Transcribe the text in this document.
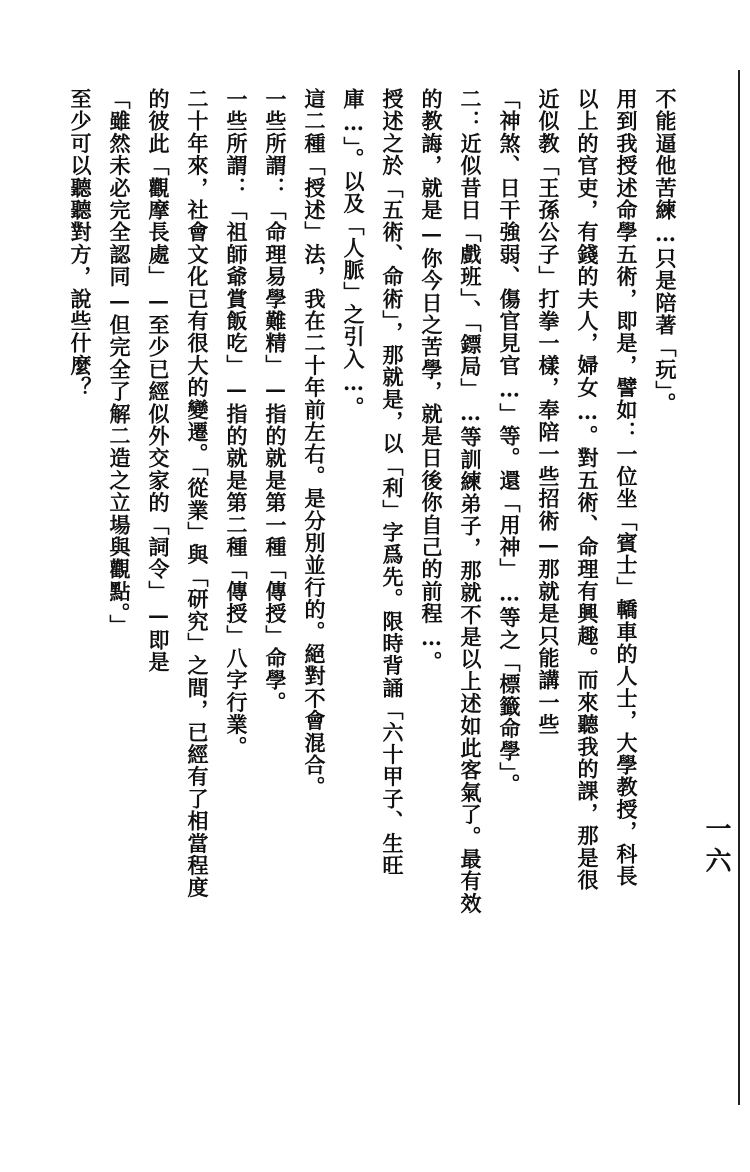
一六
不能逼他苦練…只是陪著「玩」。
用到我授述命學五術，即是，譬如：一位坐「賓士」轎車的人士，大學教授，科長
以上的官吏，有錢的夫人，婦女…。對五術、命理有興趣。而來聽我的課，那是很
近似教「王孫公子」打拳一樣，奉陪一些招術—那就是只能講一些
「神煞、日干強弱、傷官見官…」等。還「用神」…等之「標籤命學」。
二：近似昔日「戲班」、「鏢局」…等訓練弟子，那就不是以上述如此客氣了。最有效
的教誨，就是—你今日之苦學，就是日後你自己的前程…。
授述之於「五術、命術」，那就是，以「利」字爲先。限時背誦「六十甲子、生旺
庫…」。以及「人脈」之引入…。
這二種「授述」法，我在二十年前左右。是分別並行的。絕對不會混合。
一些所謂：「命理易學難精」—指的就是第一種「傳授」命學。
一些所謂：「祖師爺賞飯吃」—指的就是第二種「傳授」八字行業。
二十年來，社會文化已有很大的變遷。「從業」與「研究」之間，已經有了相當程度
的彼此「觀摩長處」—至少已經似外交家的「詞令」—即是
「雖然未必完全認同—但完全了解二造之立場與觀點。」
至少可以聽聽對方，說些什麼？
